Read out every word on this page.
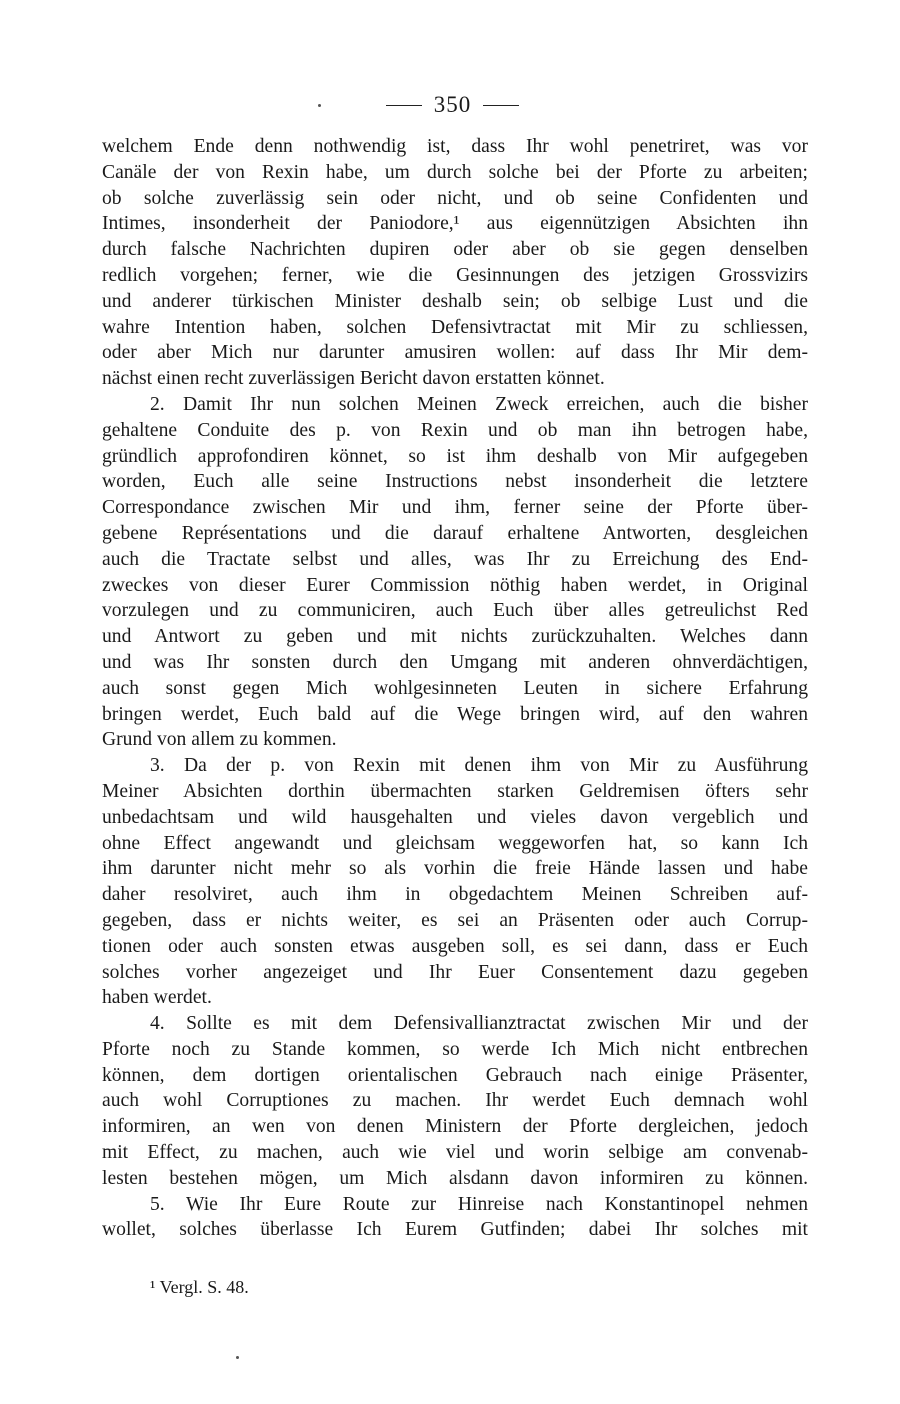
350
welchem Ende denn nothwendig ist, dass Ihr wohl penetriret, was vor
Canäle der von Rexin habe, um durch solche bei der Pforte zu arbeiten;
ob solche zuverlässig sein oder nicht, und ob seine Confidenten und
Intimes, insonderheit der Paniodore,¹ aus eigennützigen Absichten ihn
durch falsche Nachrichten dupiren oder aber ob sie gegen denselben
redlich vorgehen; ferner, wie die Gesinnungen des jetzigen Grossvizirs
und anderer türkischen Minister deshalb sein; ob selbige Lust und die
wahre Intention haben, solchen Defensivtractat mit Mir zu schliessen,
oder aber Mich nur darunter amusiren wollen: auf dass Ihr Mir dem-
nächst einen recht zuverlässigen Bericht davon erstatten könnet.
2. Damit Ihr nun solchen Meinen Zweck erreichen, auch die bisher
gehaltene Conduite des p. von Rexin und ob man ihn betrogen habe,
gründlich approfondiren könnet, so ist ihm deshalb von Mir aufgegeben
worden, Euch alle seine Instructions nebst insonderheit die letztere
Correspondance zwischen Mir und ihm, ferner seine der Pforte über-
gebene Représentations und die darauf erhaltene Antworten, desgleichen
auch die Tractate selbst und alles, was Ihr zu Erreichung des End-
zweckes von dieser Eurer Commission nöthig haben werdet, in Original
vorzulegen und zu communiciren, auch Euch über alles getreulichst Red
und Antwort zu geben und mit nichts zurückzuhalten. Welches dann
und was Ihr sonsten durch den Umgang mit anderen ohnverdächtigen,
auch sonst gegen Mich wohlgesinneten Leuten in sichere Erfahrung
bringen werdet, Euch bald auf die Wege bringen wird, auf den wahren
Grund von allem zu kommen.
3. Da der p. von Rexin mit denen ihm von Mir zu Ausführung
Meiner Absichten dorthin übermachten starken Geldremisen öfters sehr
unbedachtsam und wild hausgehalten und vieles davon vergeblich und
ohne Effect angewandt und gleichsam weggeworfen hat, so kann Ich
ihm darunter nicht mehr so als vorhin die freie Hände lassen und habe
daher resolviret, auch ihm in obgedachtem Meinen Schreiben auf-
gegeben, dass er nichts weiter, es sei an Präsenten oder auch Corrup-
tionen oder auch sonsten etwas ausgeben soll, es sei dann, dass er Euch
solches vorher angezeiget und Ihr Euer Consentement dazu gegeben
haben werdet.
4. Sollte es mit dem Defensivallianztractat zwischen Mir und der
Pforte noch zu Stande kommen, so werde Ich Mich nicht entbrechen
können, dem dortigen orientalischen Gebrauch nach einige Präsenter,
auch wohl Corruptiones zu machen. Ihr werdet Euch demnach wohl
informiren, an wen von denen Ministern der Pforte dergleichen, jedoch
mit Effect, zu machen, auch wie viel und worin selbige am convenab-
lesten bestehen mögen, um Mich alsdann davon informiren zu können.
5. Wie Ihr Eure Route zur Hinreise nach Konstantinopel nehmen
wollet, solches überlasse Ich Eurem Gutfinden; dabei Ihr solches mit
¹ Vergl. S. 48.
